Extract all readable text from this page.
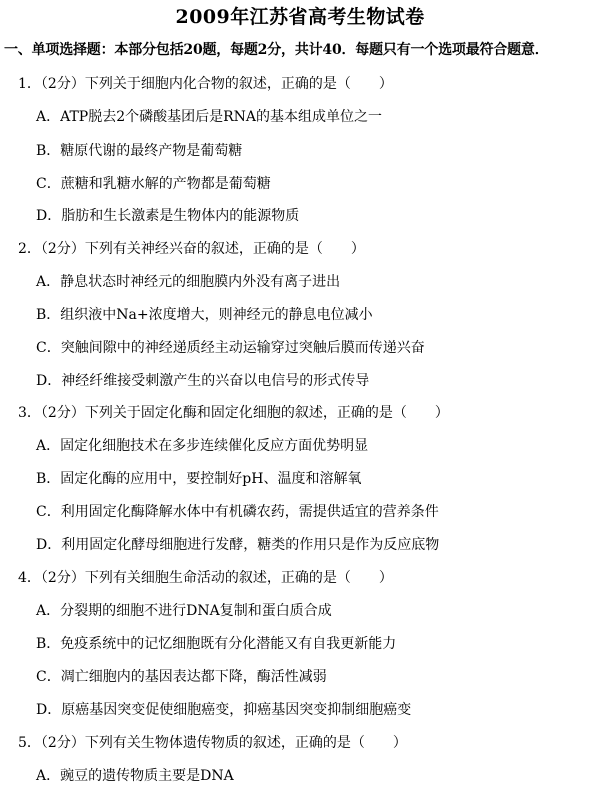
2009年江苏省高考生物试卷
一、单项选择题：本部分包括20题，每题2分，共计40．每题只有一个选项最符合题意．
1．（2分）下列关于细胞内化合物的叙述，正确的是（　　）
A．ATP脱去2个磷酸基团后是RNA的基本组成单位之一
B．糖原代谢的最终产物是葡萄糖
C．蔗糖和乳糖水解的产物都是葡萄糖
D．脂肪和生长激素是生物体内的能源物质
2．（2分）下列有关神经兴奋的叙述，正确的是（　　）
A．静息状态时神经元的细胞膜内外没有离子进出
B．组织液中Na+浓度增大，则神经元的静息电位减小
C．突触间隙中的神经递质经主动运输穿过突触后膜而传递兴奋
D．神经纤维接受刺激产生的兴奋以电信号的形式传导
3．（2分）下列关于固定化酶和固定化细胞的叙述，正确的是（　　）
A．固定化细胞技术在多步连续催化反应方面优势明显
B．固定化酶的应用中，要控制好pH、温度和溶解氧
C．利用固定化酶降解水体中有机磷农药，需提供适宜的营养条件
D．利用固定化酵母细胞进行发酵，糖类的作用只是作为反应底物
4．（2分）下列有关细胞生命活动的叙述，正确的是（　　）
A．分裂期的细胞不进行DNA复制和蛋白质合成
B．免疫系统中的记忆细胞既有分化潜能又有自我更新能力
C．凋亡细胞内的基因表达都下降，酶活性减弱
D．原癌基因突变促使细胞癌变，抑癌基因突变抑制细胞癌变
5．（2分）下列有关生物体遗传物质的叙述，正确的是（　　）
A．豌豆的遗传物质主要是DNA
